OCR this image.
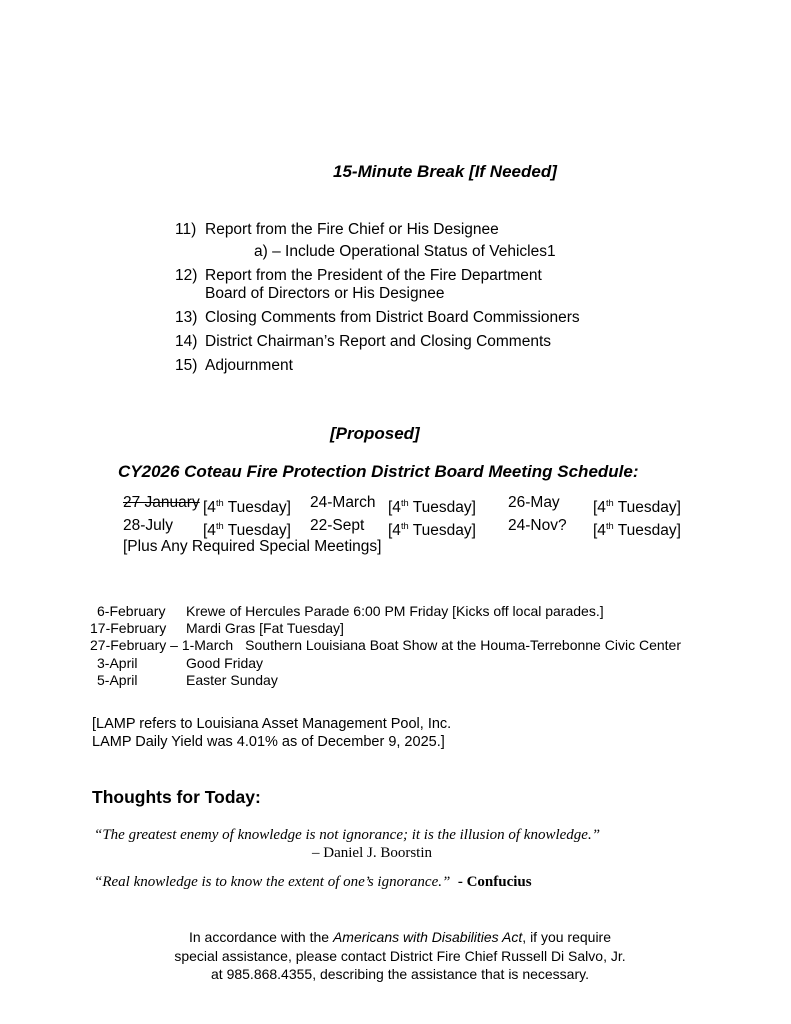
15-Minute Break [If Needed]
11) Report from the Fire Chief or His Designee
a) – Include Operational Status of Vehicles1
12) Report from the President of the Fire Department
Board of Directors or His Designee
13) Closing Comments from District Board Commissioners
14) District Chairman’s Report and Closing Comments
15) Adjournment
[Proposed]
CY2026 Coteau Fire Protection District Board Meeting Schedule:
27 January [4th Tuesday]	24-March [4th Tuesday]	26-May	[4th Tuesday]
28-July	[4th Tuesday]	22-Sept	[4th Tuesday]	24-Nov?	[4th Tuesday]
[Plus Any Required Special Meetings]
6-February	Krewe of Hercules Parade 6:00 PM Friday [Kicks off local parades.]
17-February	Mardi Gras [Fat Tuesday]
27-February – 1-March Southern Louisiana Boat Show at the Houma-Terrebonne Civic Center
3-April	Good Friday
5-April	Easter Sunday
[LAMP refers to Louisiana Asset Management Pool, Inc.
LAMP Daily Yield was 4.01% as of December 9, 2025.]
Thoughts for Today:
“The greatest enemy of knowledge is not ignorance; it is the illusion of knowledge.”
– Daniel J. Boorstin
“Real knowledge is to know the extent of one’s ignorance.” - Confucius
In accordance with the Americans with Disabilities Act, if you require
special assistance, please contact District Fire Chief Russell Di Salvo, Jr.
at 985.868.4355, describing the assistance that is necessary.
